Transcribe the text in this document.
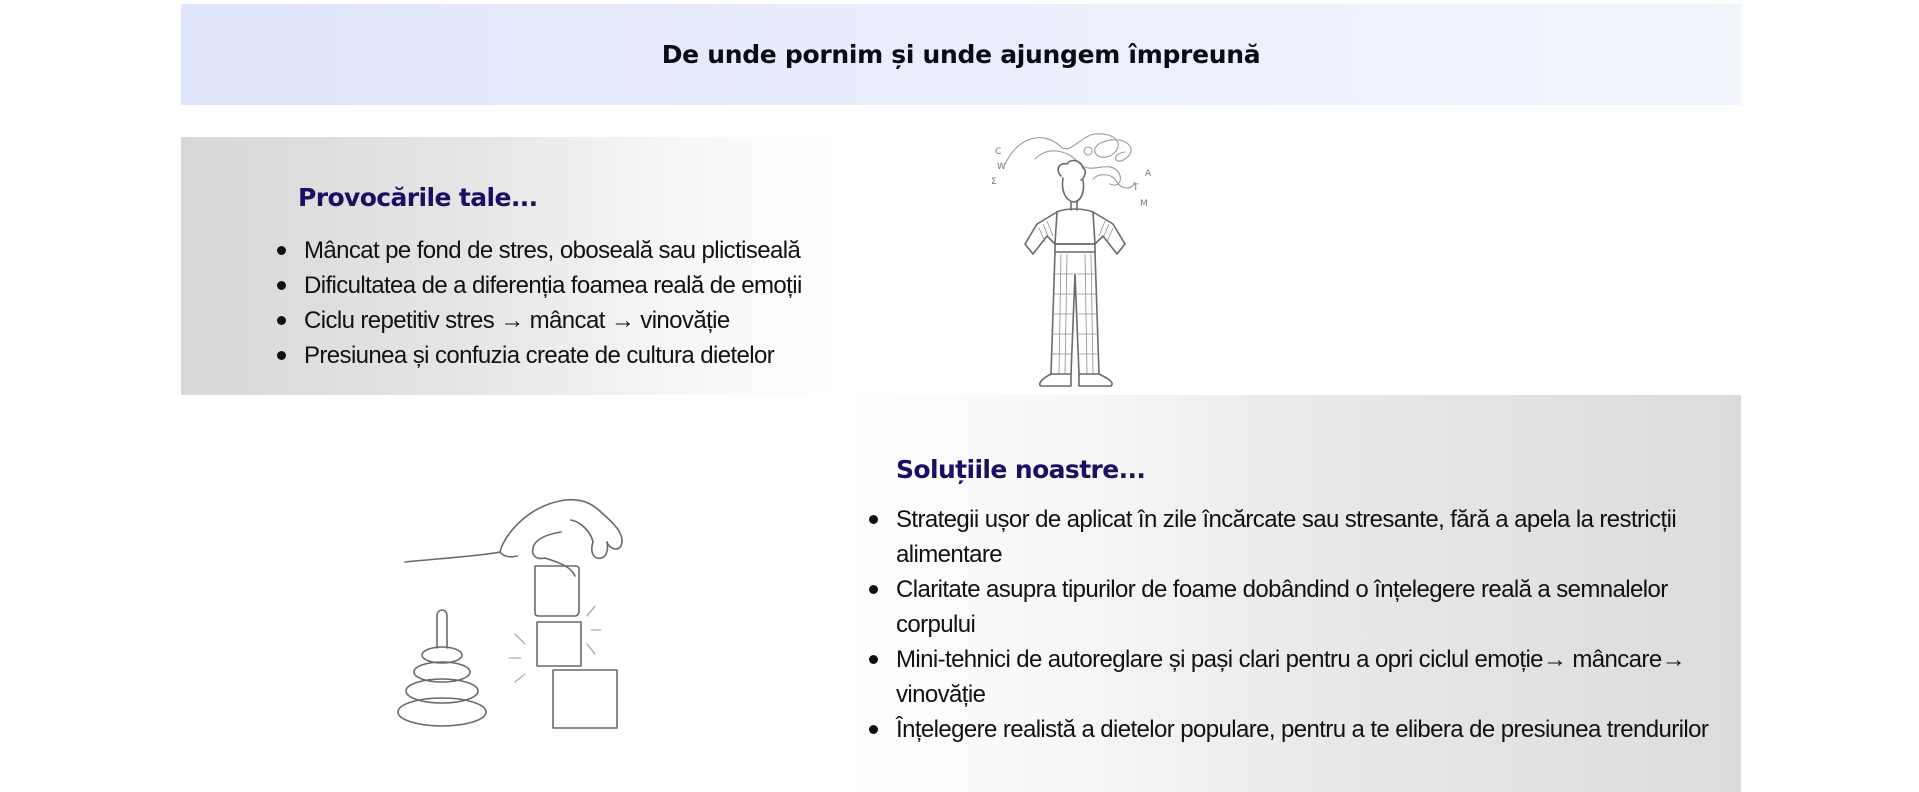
De unde pornim și unde ajungem împreună
Provocările tale...
Mâncat pe fond de stres, oboseală sau plictiseală
Dificultatea de a diferenția foamea reală de emoții
Ciclu repetitiv stres → mâncat → vinovăție
Presiunea și confuzia create de cultura dietelor
C
W
Σ
A
T
M
Soluțiile noastre...
Strategii ușor de aplicat în zile încărcate sau stresante, fără a apela la restricții alimentare
Claritate asupra tipurilor de foame dobândind o înțelegere reală a semnalelor corpului
Mini-tehnici de autoreglare și pași clari pentru a opri ciclul emoție→ mâncare→ vinovăție
Înțelegere realistă a dietelor populare, pentru a te elibera de presiunea trendurilor
